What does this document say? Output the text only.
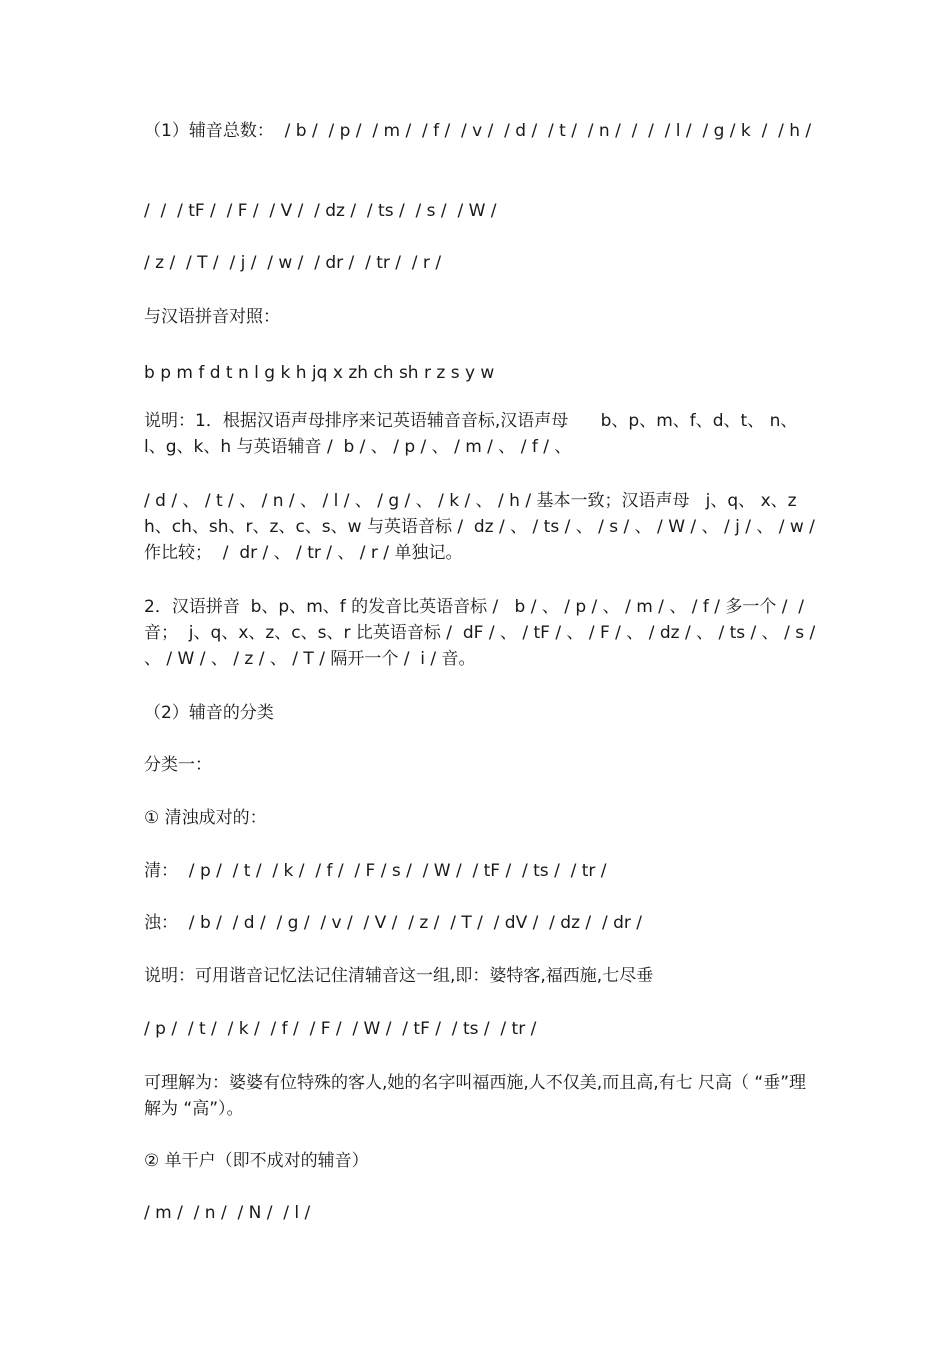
（1）辅音总数：  / b /  / p /  / m /  / f /  / v /  / d /  / t /  / n /  /  /  / l /  / g / k  /  / h /

/  /  / tF /  / F /  / V /  / dz /  / ts /  / s /  / W /

/ z /  / T /  / j /  / w /  / dr /  / tr /  / r /

与汉语拼音对照：

b p m f d t n l g k h jq x zh ch sh r z s y w

说明：1．根据汉语声母排序来记英语辅音音标,汉语声母      b、p、m、f、d、t、 n、l、g、k、h 与英语辅音 /  b / 、 / p / 、 / m / 、 / f / 、

/ d / 、 / t / 、 / n / 、 / l / 、 / g / 、 / k / 、 / h / 基本一致；汉语声母   j、q、 x、zh、ch、sh、r、z、c、s、w 与英语音标 /  dz / 、 / ts / 、 / s / 、 / W / 、 / j / 、 / w / 作比较；  /  dr / 、 / tr / 、 / r / 单独记。

2．汉语拼音  b、p、m、f 的发音比英语音标 /   b / 、 / p / 、 / m / 、 / f / 多一个 /  / 音；  j、q、x、z、c、s、r 比英语音标 /  dF / 、 / tF / 、 / F / 、 / dz / 、 / ts / 、 / s / 、 / W / 、 / z / 、 / T / 隔开一个 /  i / 音。

（2）辅音的分类

分类一：

① 清浊成对的：

清：  / p /  / t /  / k /  / f /  / F / s /  / W /  / tF /  / ts /  / tr /

浊：  / b /  / d /  / g /  / v /  / V /  / z /  / T /  / dV /  / dz /  / dr /

说明：可用谐音记忆法记住清辅音这一组,即：婆特客,福西施,七尽垂

/ p /  / t /  / k /  / f /  / F /  / W /  / tF /  / ts /  / tr /

可理解为：婆婆有位特殊的客人,她的名字叫福西施,人不仅美,而且高,有七 尺高（ “垂”理解为 “高”）。

② 单干户（即不成对的辅音）

/ m /  / n /  / N /  / l /
